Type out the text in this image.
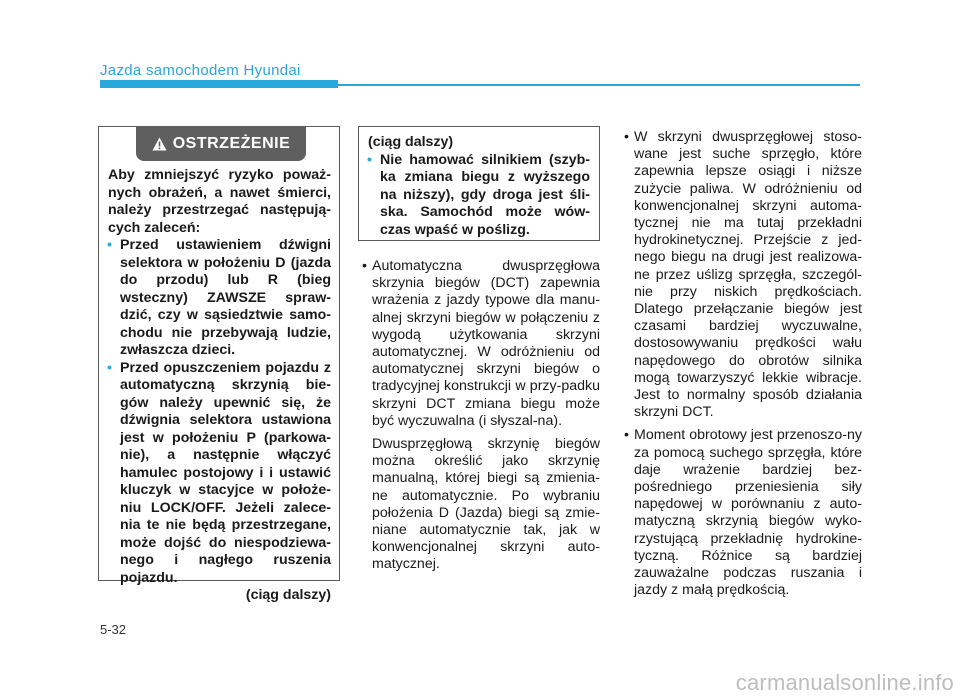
Jazda samochodem Hyundai
OSTRZEŻENIE

Aby zmniejszyć ryzyko poważ-nych obrażeń, a nawet śmierci, należy przestrzegać następują-cych zaleceń:

• Przed ustawieniem dźwigni selektora w położeniu D (jazda do przodu) lub R (bieg wsteczny) ZAWSZE spraw-dzić, czy w sąsiedztwie samo-chodu nie przebywają ludzie, zwłaszcza dzieci.
• Przed opuszczeniem pojazdu z automatyczną skrzynią bie-gów należy upewnić się, że dźwignia selektora ustawiona jest w położeniu P (parkowa-nie), a następnie włączyć hamulec postojowy i i ustawić kluczyk w stacyjce w położe-niu LOCK/OFF. Jeżeli zalece-nia te nie będą przestrzegane, może dojść do niespodziewa-nego i nagłego ruszenia pojazdu.
(ciąg dalszy)
(ciąg dalszy)
• Nie hamować silnikiem (szyb-ka zmiana biegu z wyższego na niższy), gdy droga jest śli-ska. Samochód może wów-czas wpaść w poślizg.
• Automatyczna dwusprzęgłowa skrzynia biegów (DCT) zapewnia wrażenia z jazdy typowe dla manu-alnej skrzyni biegów w połączeniu z wygodą użytkowania skrzyni automatycznej. W odróżnieniu od automatycznej skrzyni biegów o tradycyjnej konstrukcji w przy-padku skrzyni DCT zmiana biegu może być wyczuwalna (i słyszal-na).

Dwusprzęgłową skrzynię biegów można określić jako skrzynię manualną, której biegi są zmienia-ne automatycznie. Po wybraniu położenia D (Jazda) biegi są zmie-niane automatycznie tak, jak w konwencjonalnej skrzyni auto-matycznej.

• W skrzyni dwusprzęgłowej stoso-wane jest suche sprzęgło, które zapewnia lepsze osiągi i niższe zużycie paliwa. W odróżnieniu od konwencjonalnej skrzyni automa-tycznej nie ma tutaj przekładni hydrokinetycznej. Przejście z jed-nego biegu na drugi jest realizowa-ne przez uślizg sprzęgła, szczegól-nie przy niskich prędkościach. Dlatego przełączanie biegów jest czasami bardziej wyczuwalne, dostosowywaniu prędkości wału napędowego do obrotów silnika mogą towarzyszyć lekkie wibracje. Jest to normalny sposób działania skrzyni DCT.

• Moment obrotowy jest przenoszo-ny za pomocą suchego sprzęgła, które daje wrażenie bardziej bez-pośredniego przeniesienia siły napędowej w porównaniu z auto-matyczną skrzynią biegów wyko-rzystującą przekładnię hydrokine-tyczną. Różnice są bardziej zauważalne podczas ruszania i jazdy z małą prędkością.

5-32
carmanualsonline.info
